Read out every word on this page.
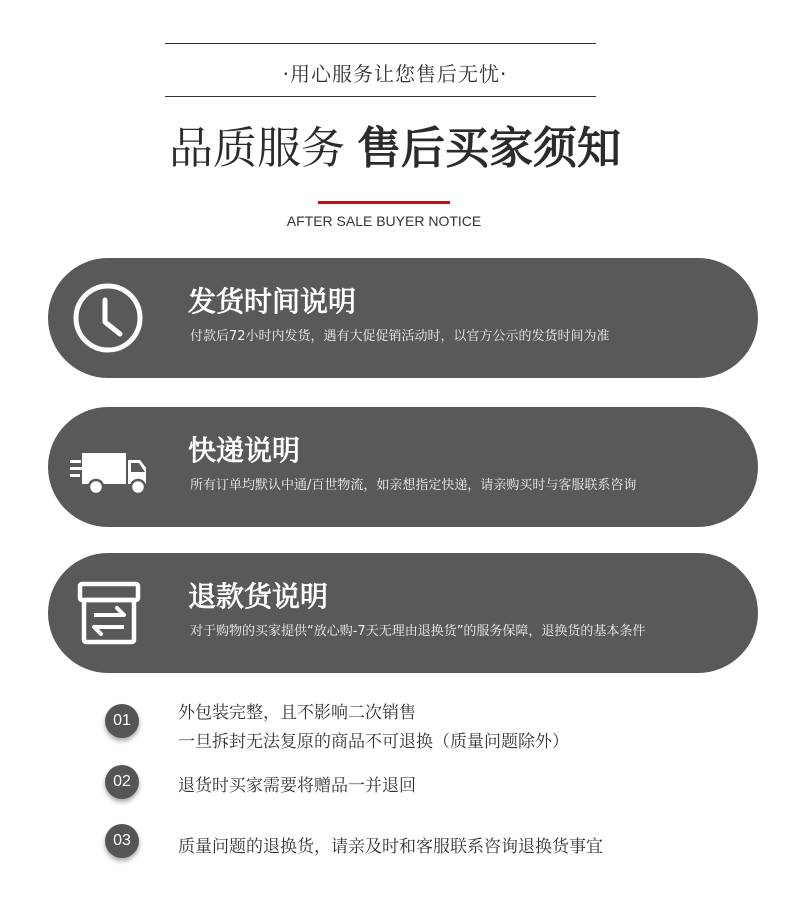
·用心服务让您售后无忧·
品质服务 售后买家须知
AFTER SALE BUYER NOTICE
发货时间说明
付款后72小时内发货，遇有大促促销活动时，以官方公示的发货时间为准
快递说明
所有订单均默认中通/百世物流，如亲想指定快递，请亲购买时与客服联系咨询
退款货说明
对于购物的买家提供“放心购-7天无理由退换货”的服务保障，退换货的基本条件
01	外包装完整，且不影响二次销售
一旦拆封无法复原的商品不可退换（质量问题除外）
02	退货时买家需要将赠品一并退回
03	质量问题的退换货，请亲及时和客服联系咨询退换货事宜
